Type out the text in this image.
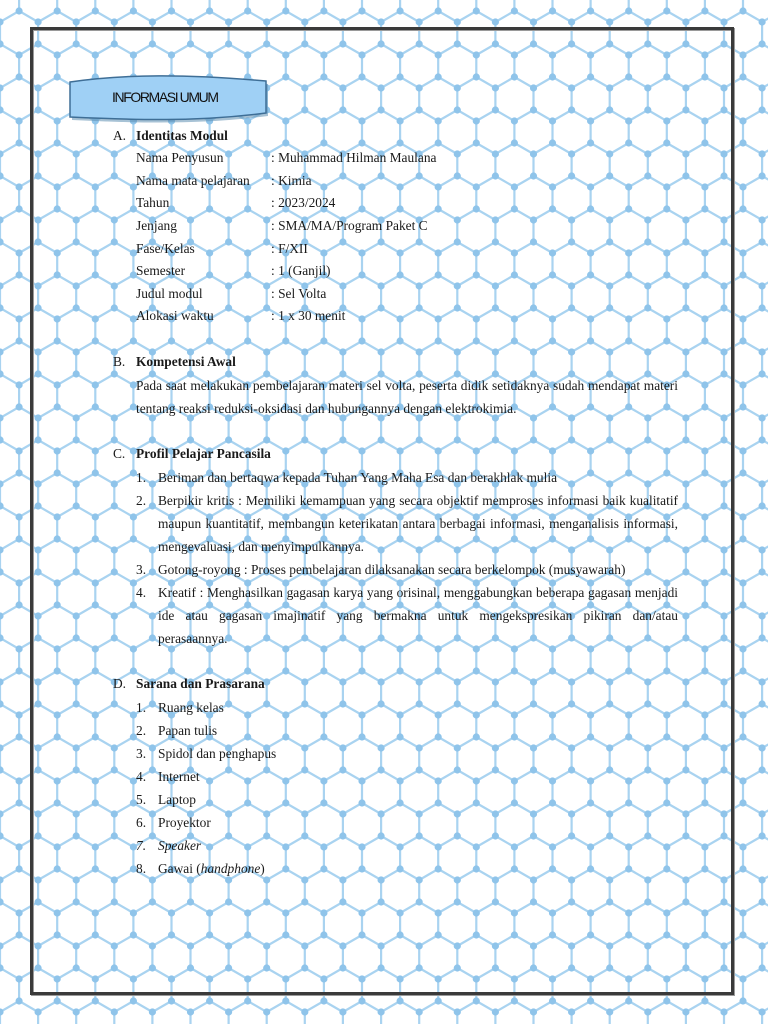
INFORMASI UMUM
A. Identitas Modul
Nama Penyusun	: Muhammad Hilman Maulana
Nama mata pelajaran	: Kimia
Tahun	: 2023/2024
Jenjang	: SMA/MA/Program Paket C
Fase/Kelas	: F/XII
Semester	: 1 (Ganjil)
Judul modul	: Sel Volta
Alokasi waktu	: 1 x 30 menit
B. Kompetensi Awal
Pada saat melakukan pembelajaran materi sel volta, peserta didik setidaknya sudah mendapat materi tentang reaksi reduksi-oksidasi dan hubungannya dengan elektrokimia.
C. Profil Pelajar Pancasila
1. Beriman dan bertaqwa kepada Tuhan Yang Maha Esa dan berakhlak mulia
2. Berpikir kritis : Memiliki kemampuan yang secara objektif memproses informasi baik kualitatif maupun kuantitatif, membangun keterikatan antara berbagai informasi, menganalisis informasi, mengevaluasi, dan menyimpulkannya.
3. Gotong-royong : Proses pembelajaran dilaksanakan secara berkelompok (musyawarah)
4. Kreatif : Menghasilkan gagasan karya yang orisinal, menggabungkan beberapa gagasan menjadi ide atau gagasan imajinatif yang bermakna untuk mengekspresikan pikiran dan/atau perasaannya.
D. Sarana dan Prasarana
1. Ruang kelas
2. Papan tulis
3. Spidol dan penghapus
4. Internet
5. Laptop
6. Proyektor
7. Speaker
8. Gawai (handphone)
